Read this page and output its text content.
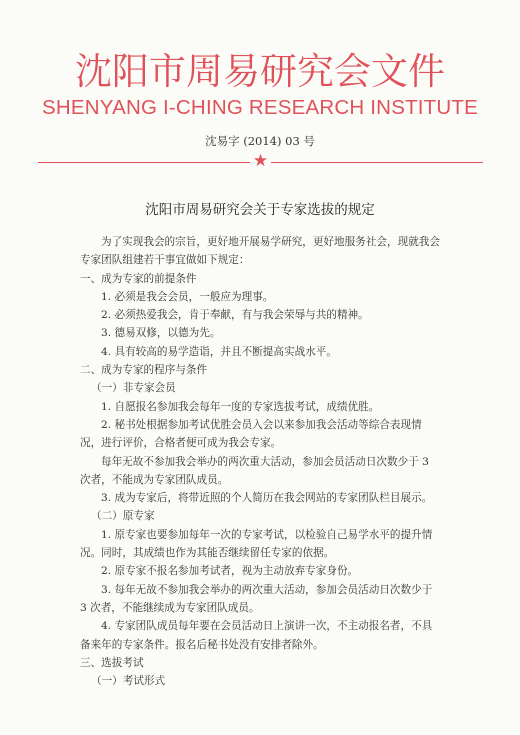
沈阳市周易研究会文件
SHENYANG I-CHING RESEARCH INSTITUTE
沈易字 (2014) 03 号
★
沈阳市周易研究会关于专家选拔的规定

为了实现我会的宗旨，更好地开展易学研究，更好地服务社会，现就我会专家团队组建若干事宜做如下规定：

一、成为专家的前提条件

1. 必须是我会会员，一般应为理事。

2. 必须热爱我会，肯于奉献，有与我会荣辱与共的精神。

3. 德易双修，以德为先。

4. 具有较高的易学造诣，并且不断提高实战水平。

二、成为专家的程序与条件

（一）非专家会员

1. 自愿报名参加我会每年一度的专家选拔考试，成绩优胜。

2. 秘书处根据参加考试优胜会员入会以来参加我会活动等综合表现情况，进行评价，合格者便可成为我会专家。

每年无故不参加我会举办的两次重大活动，参加会员活动日次数少于 3 次者，不能成为专家团队成员。

3. 成为专家后，将带近照的个人简历在我会网站的专家团队栏目展示。

（二）原专家

1. 原专家也要参加每年一次的专家考试，以检验自己易学水平的提升情况。同时，其成绩也作为其能否继续留任专家的依据。

2. 原专家不报名参加考试者，视为主动放弃专家身份。

3. 每年无故不参加我会举办的两次重大活动，参加会员活动日次数少于 3 次者，不能继续成为专家团队成员。

4. 专家团队成员每年要在会员活动日上演讲一次，不主动报名者，不具备来年的专家条件。报名后秘书处没有安排者除外。

三、选拔考试

（一）考试形式
